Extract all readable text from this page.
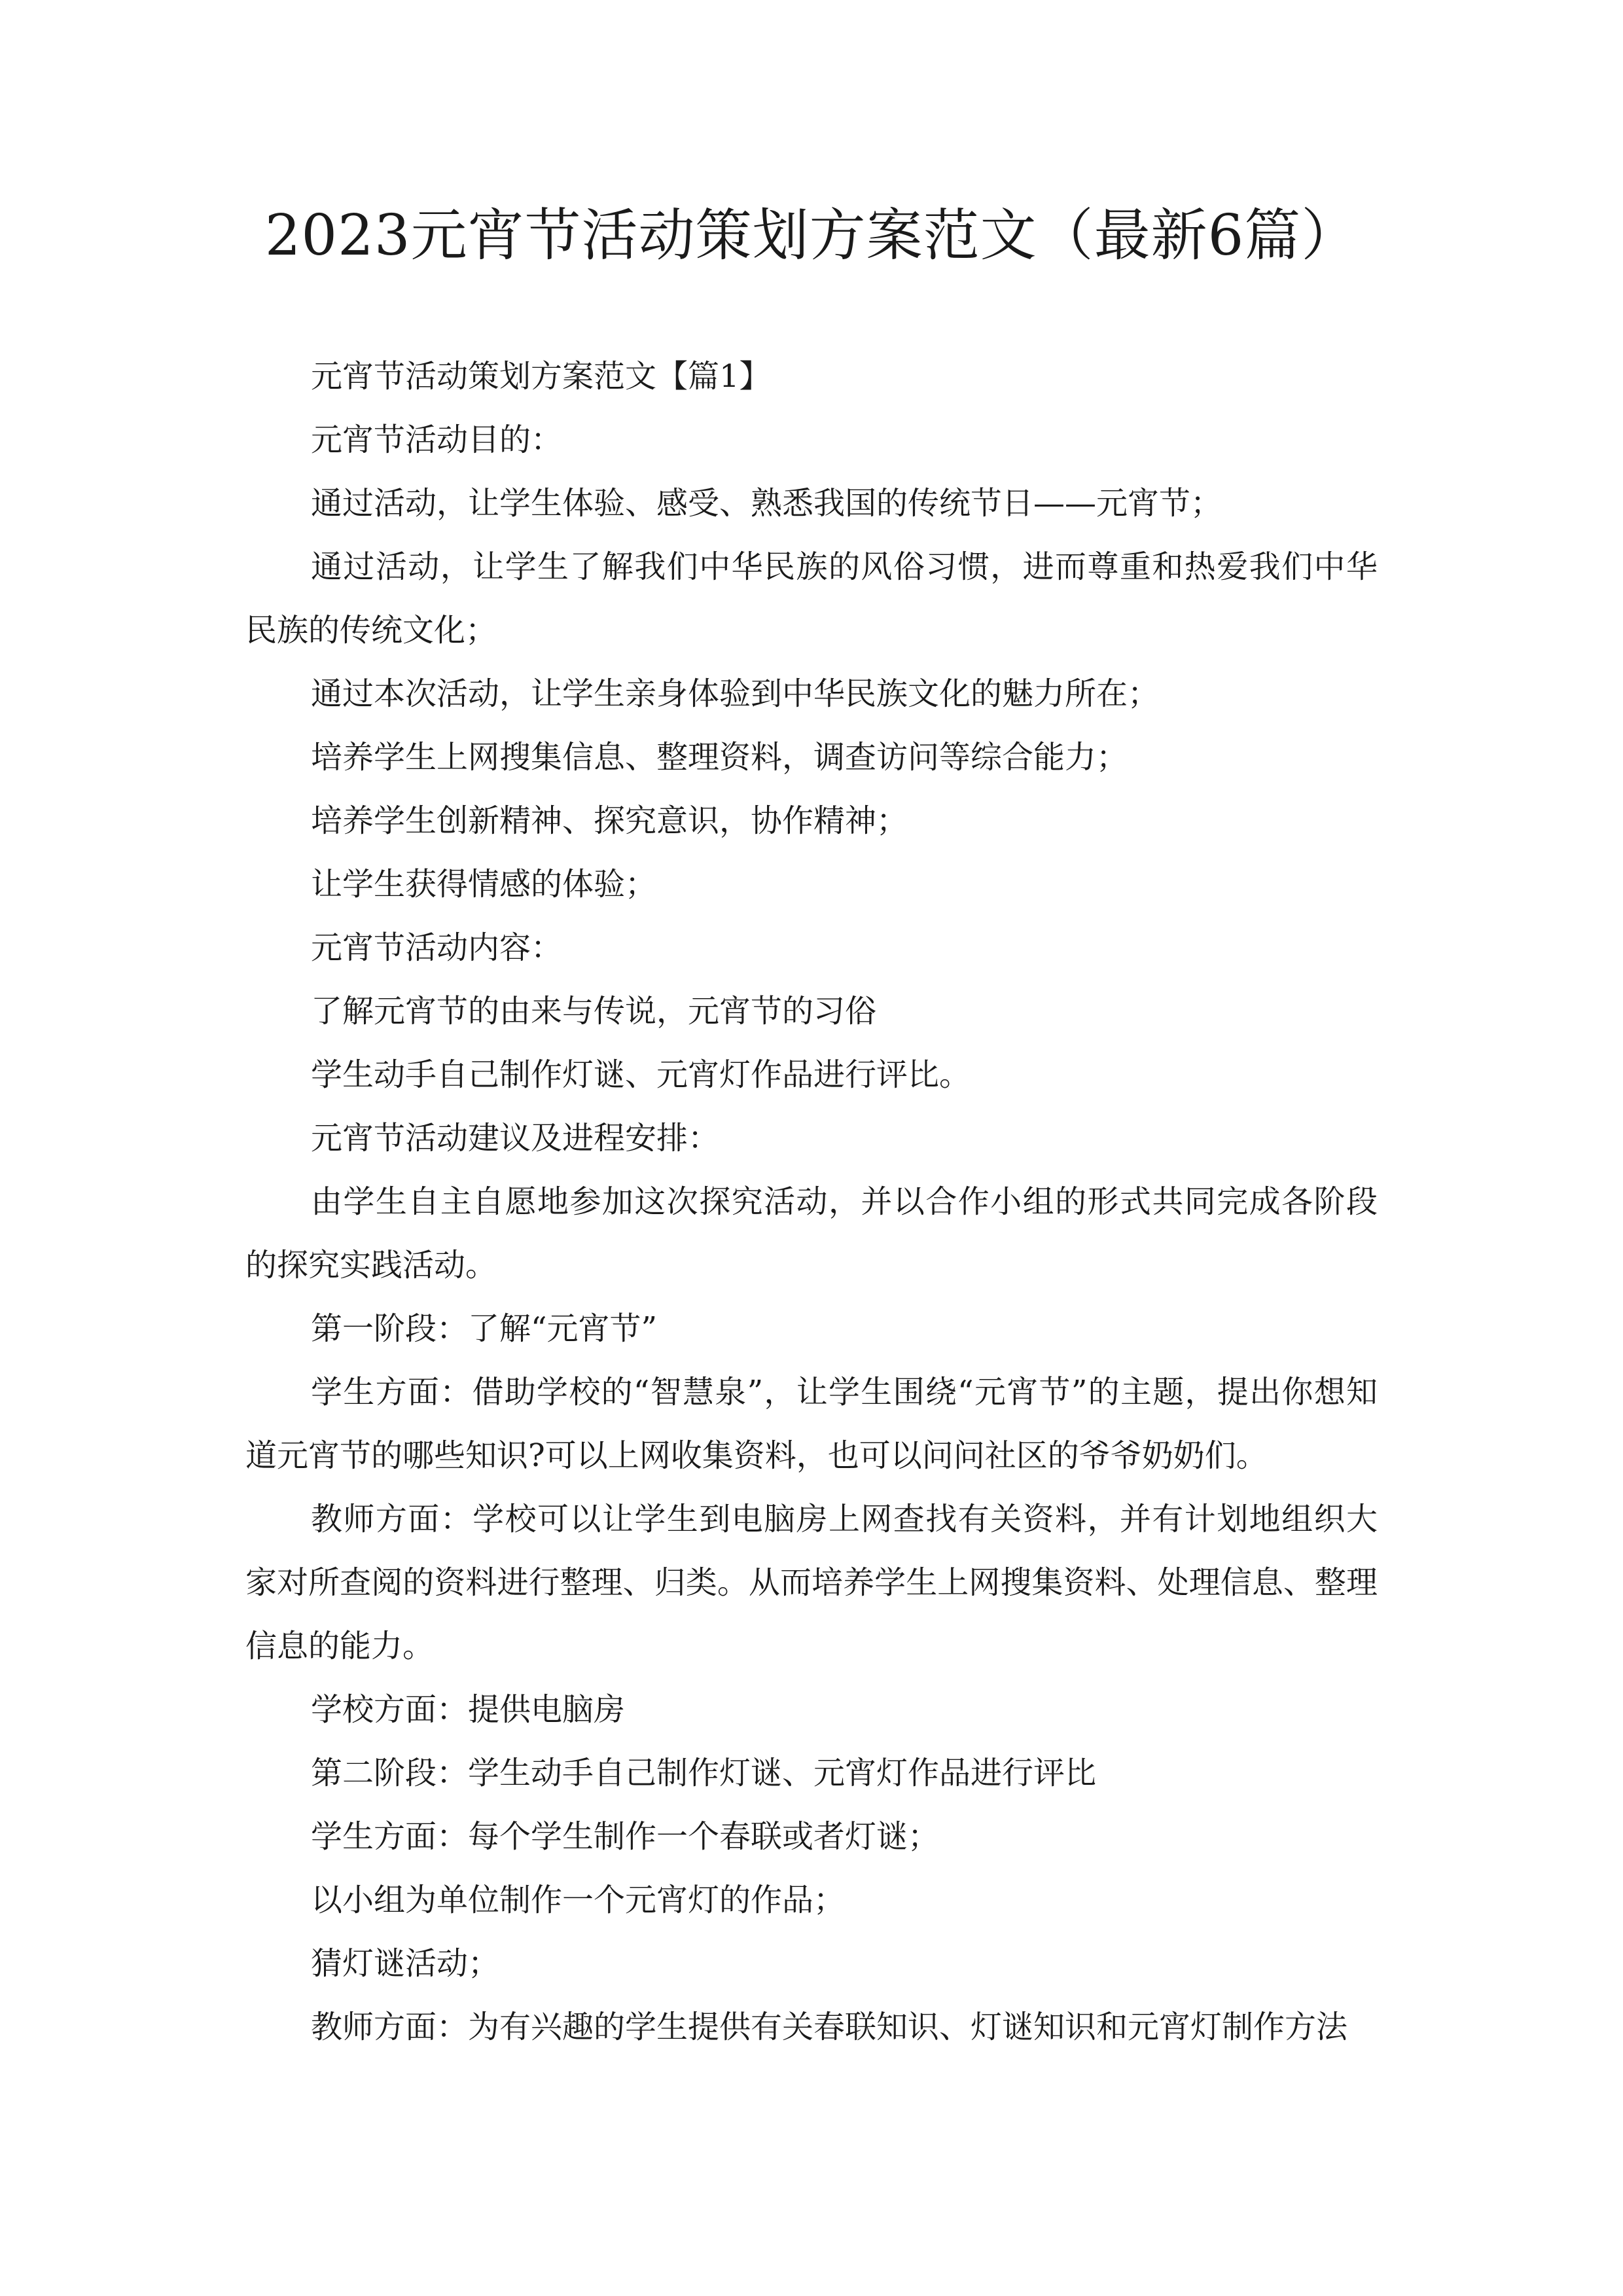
2023元宵节活动策划方案范文（最新6篇）

元宵节活动策划方案范文【篇1】

元宵节活动目的：

通过活动，让学生体验、感受、熟悉我国的传统节日——元宵节；

通过活动，让学生了解我们中华民族的风俗习惯，进而尊重和热爱我们中华民族的传统文化；

通过本次活动，让学生亲身体验到中华民族文化的魅力所在；

培养学生上网搜集信息、整理资料，调查访问等综合能力；

培养学生创新精神、探究意识，协作精神；

让学生获得情感的体验；

元宵节活动内容：

了解元宵节的由来与传说，元宵节的习俗

学生动手自己制作灯谜、元宵灯作品进行评比。

元宵节活动建议及进程安排：

由学生自主自愿地参加这次探究活动，并以合作小组的形式共同完成各阶段的探究实践活动。

第一阶段：了解“元宵节”

学生方面：借助学校的“智慧泉”，让学生围绕“元宵节”的主题，提出你想知道元宵节的哪些知识?可以上网收集资料，也可以问问社区的爷爷奶奶们。

教师方面：学校可以让学生到电脑房上网查找有关资料，并有计划地组织大家对所查阅的资料进行整理、归类。从而培养学生上网搜集资料、处理信息、整理信息的能力。

学校方面：提供电脑房

第二阶段：学生动手自己制作灯谜、元宵灯作品进行评比

学生方面：每个学生制作一个春联或者灯谜；

以小组为单位制作一个元宵灯的作品；

猜灯谜活动；

教师方面：为有兴趣的学生提供有关春联知识、灯谜知识和元宵灯制作方法
